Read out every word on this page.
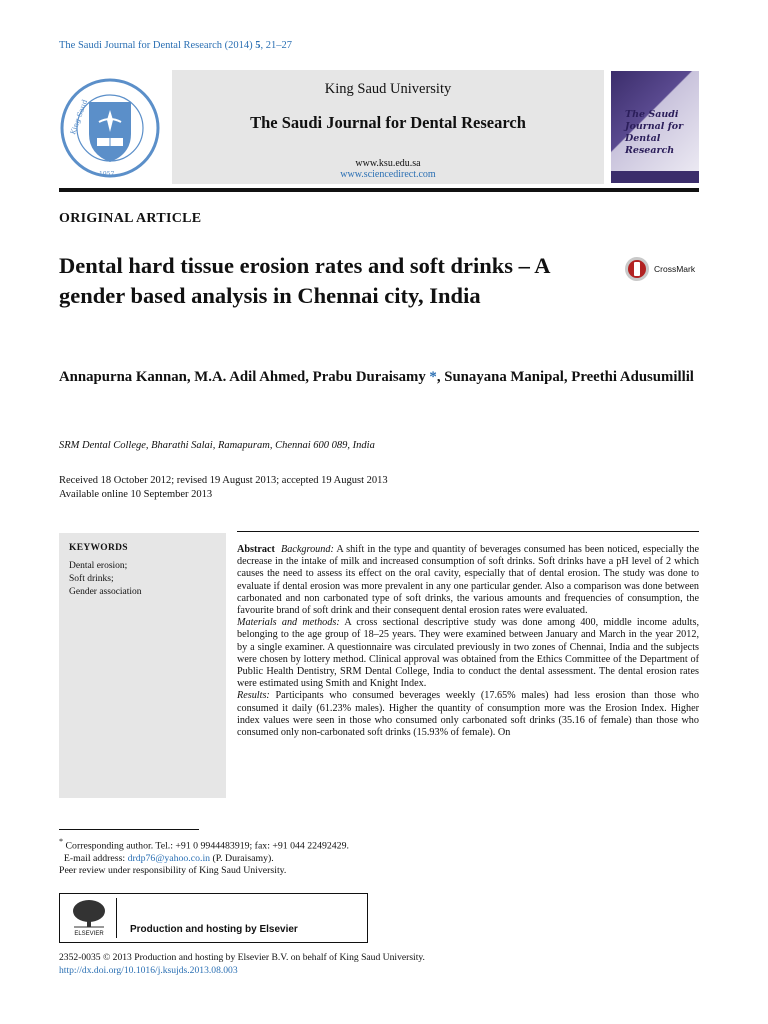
The Saudi Journal for Dental Research (2014) 5, 21–27
King Saud
1957
King Saud University
The Saudi Journal for Dental Research
www.ksu.edu.sa
www.sciencedirect.com
The Saudi
Journal for
Dental
Research
ORIGINAL ARTICLE
Dental hard tissue erosion rates and soft drinks – A gender based analysis in Chennai city, India
CrossMark
Annapurna Kannan, M.A. Adil Ahmed, Prabu Duraisamy *, Sunayana Manipal, Preethi Adusumillil
SRM Dental College, Bharathi Salai, Ramapuram, Chennai 600 089, India
Received 18 October 2012; revised 19 August 2013; accepted 19 August 2013
Available online 10 September 2013
KEYWORDS
Dental erosion;
Soft drinks;
Gender association

Abstract Background: A shift in the type and quantity of beverages consumed has been noticed, especially the decrease in the intake of milk and increased consumption of soft drinks. Soft drinks have a pH level of 2 which causes the need to assess its effect on the oral cavity, especially that of dental erosion. The study was done to evaluate if dental erosion was more prevalent in any one particular gender. Also a comparison was done between carbonated and non carbonated type of soft drinks, the various amounts and frequencies of consumption, the favourite brand of soft drink and their consequent dental erosion rates were evaluated.

Materials and methods: A cross sectional descriptive study was done among 400, middle income adults, belonging to the age group of 18–25 years. They were examined between January and March in the year 2012, by a single examiner. A questionnaire was circulated previously in two zones of Chennai, India and the subjects were chosen by lottery method. Clinical approval was obtained from the Ethics Committee of the Department of Public Health Dentistry, SRM Dental College, India to conduct the dental assessment. The dental erosion rates were estimated using Smith and Knight Index.

Results: Participants who consumed beverages weekly (17.65% males) had less erosion than those who consumed it daily (61.23% males). Higher the quantity of consumption more was the Erosion Index. Higher index values were seen in those who consumed only carbonated soft drinks (35.16 of female) than those who consumed only non-carbonated soft drinks (15.93% of female). On

* Corresponding author. Tel.: +91 0 9944483919; fax: +91 044 22492429.
E-mail address: drdp76@yahoo.co.in (P. Duraisamy).
Peer review under responsibility of King Saud University.
ELSEVIER	Production and hosting by Elsevier
2352-0035 © 2013 Production and hosting by Elsevier B.V. on behalf of King Saud University.
http://dx.doi.org/10.1016/j.ksujds.2013.08.003
